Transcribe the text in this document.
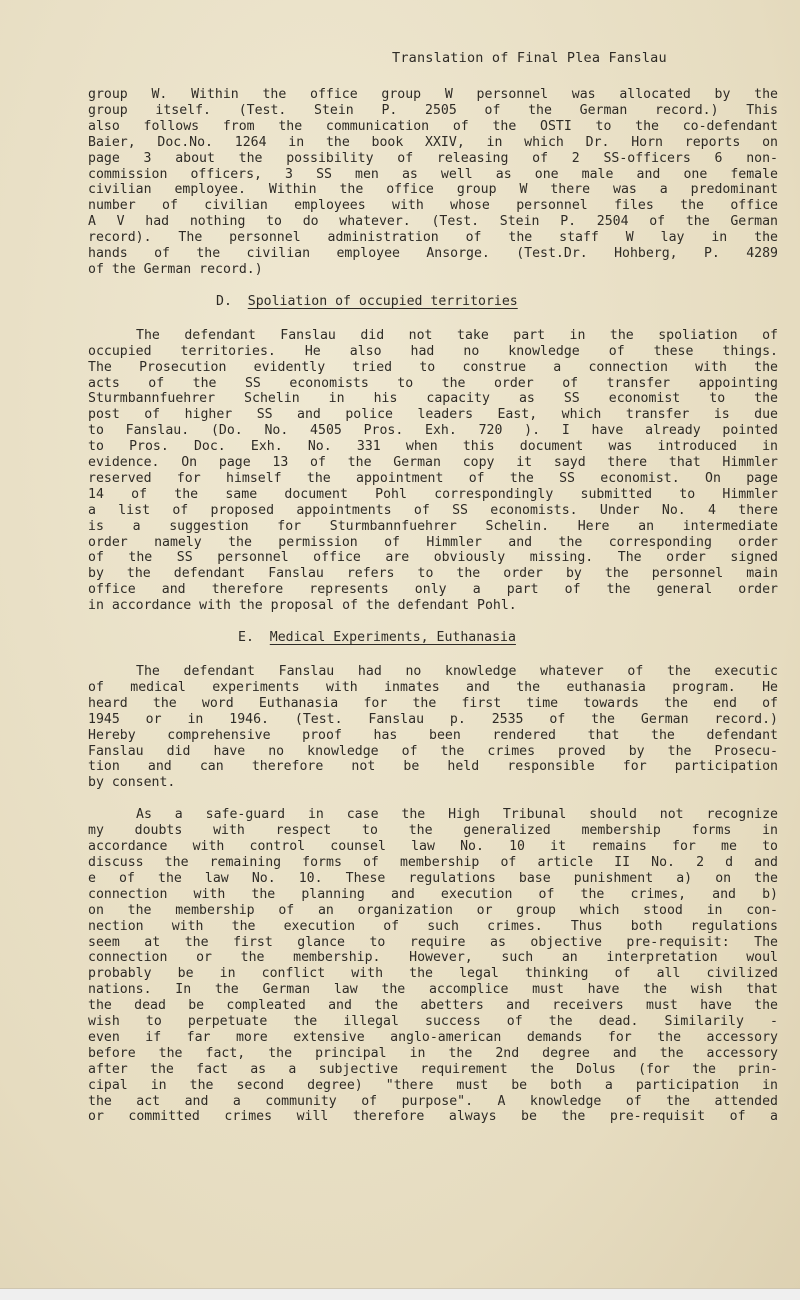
Translation of Final Plea Fanslau
group W. Within the office group W personnel was allocated by the
group itself. (Test. Stein P. 2505 of the German record.) This
also follows from the communication of the OSTI to the co-defendant
Baier, Doc.No. 1264 in the book XXIV, in which Dr. Horn reports on
page 3 about the possibility of releasing of 2 SS-officers 6 non-
commission officers, 3 SS men as well as one male and one female
civilian employee. Within the office group W there was a predominant
number of civilian employees with whose personnel files the office
A V had nothing to do whatever. (Test. Stein P. 2504 of the German
record). The personnel administration of the staff W lay in the
hands of the civilian employee Ansorge. (Test.Dr. Hohberg, P. 4289
of the German record.)
D. Spoliation of occupied territories
The defendant Fanslau did not take part in the spoliation of
occupied territories. He also had no knowledge of these things.
The Prosecution evidently tried to construe a connection with the
acts of the SS economists to the order of transfer appointing
Sturmbannfuehrer Schelin in his capacity as SS economist to the
post of higher SS and police leaders East, which transfer is due
to Fanslau. (Do. No. 4505 Pros. Exh. 720 ). I have already pointed
to Pros. Doc. Exh. No. 331 when this document was introduced in
evidence. On page 13 of the German copy it sayd there that Himmler
reserved for himself the appointment of the SS economist. On page
14 of the same document Pohl correspondingly submitted to Himmler
a list of proposed appointments of SS economists. Under No. 4 there
is a suggestion for Sturmbannfuehrer Schelin. Here an intermediate
order namely the permission of Himmler and the corresponding order
of the SS personnel office are obviously missing. The order signed
by the defendant Fanslau refers to the order by the personnel main
office and therefore represents only a part of the general order
in accordance with the proposal of the defendant Pohl.
E. Medical Experiments, Euthanasia
The defendant Fanslau had no knowledge whatever of the executic
of medical experiments with inmates and the euthanasia program. He
heard the word Euthanasia for the first time towards the end of
1945 or in 1946. (Test. Fanslau p. 2535 of the German record.)
Hereby comprehensive proof has been rendered that the defendant
Fanslau did have no knowledge of the crimes proved by the Prosecu-
tion and can therefore not be held responsible for participation
by consent.
As a safe-guard in case the High Tribunal should not recognize
my doubts with respect to the generalized membership forms in
accordance with control counsel law No. 10 it remains for me to
discuss the remaining forms of membership of article II No. 2 d and
e of the law No. 10. These regulations base punishment a) on the
connection with the planning and execution of the crimes, and b)
on the membership of an organization or group which stood in con-
nection with the execution of such crimes. Thus both regulations
seem at the first glance to require as objective pre-requisit: The
connection or the membership. However, such an interpretation woul
probably be in conflict with the legal thinking of all civilized
nations. In the German law the accomplice must have the wish that
the dead be compleated and the abetters and receivers must have the
wish to perpetuate the illegal success of the dead. Similarily -
even if far more extensive anglo-american demands for the accessory
before the fact, the principal in the 2nd degree and the accessory
after the fact as a subjective requirement the Dolus (for the prin-
cipal in the second degree) "there must be both a participation in
the act and a community of purpose". A knowledge of the attended
or committed crimes will therefore always be the pre-requisit of a
